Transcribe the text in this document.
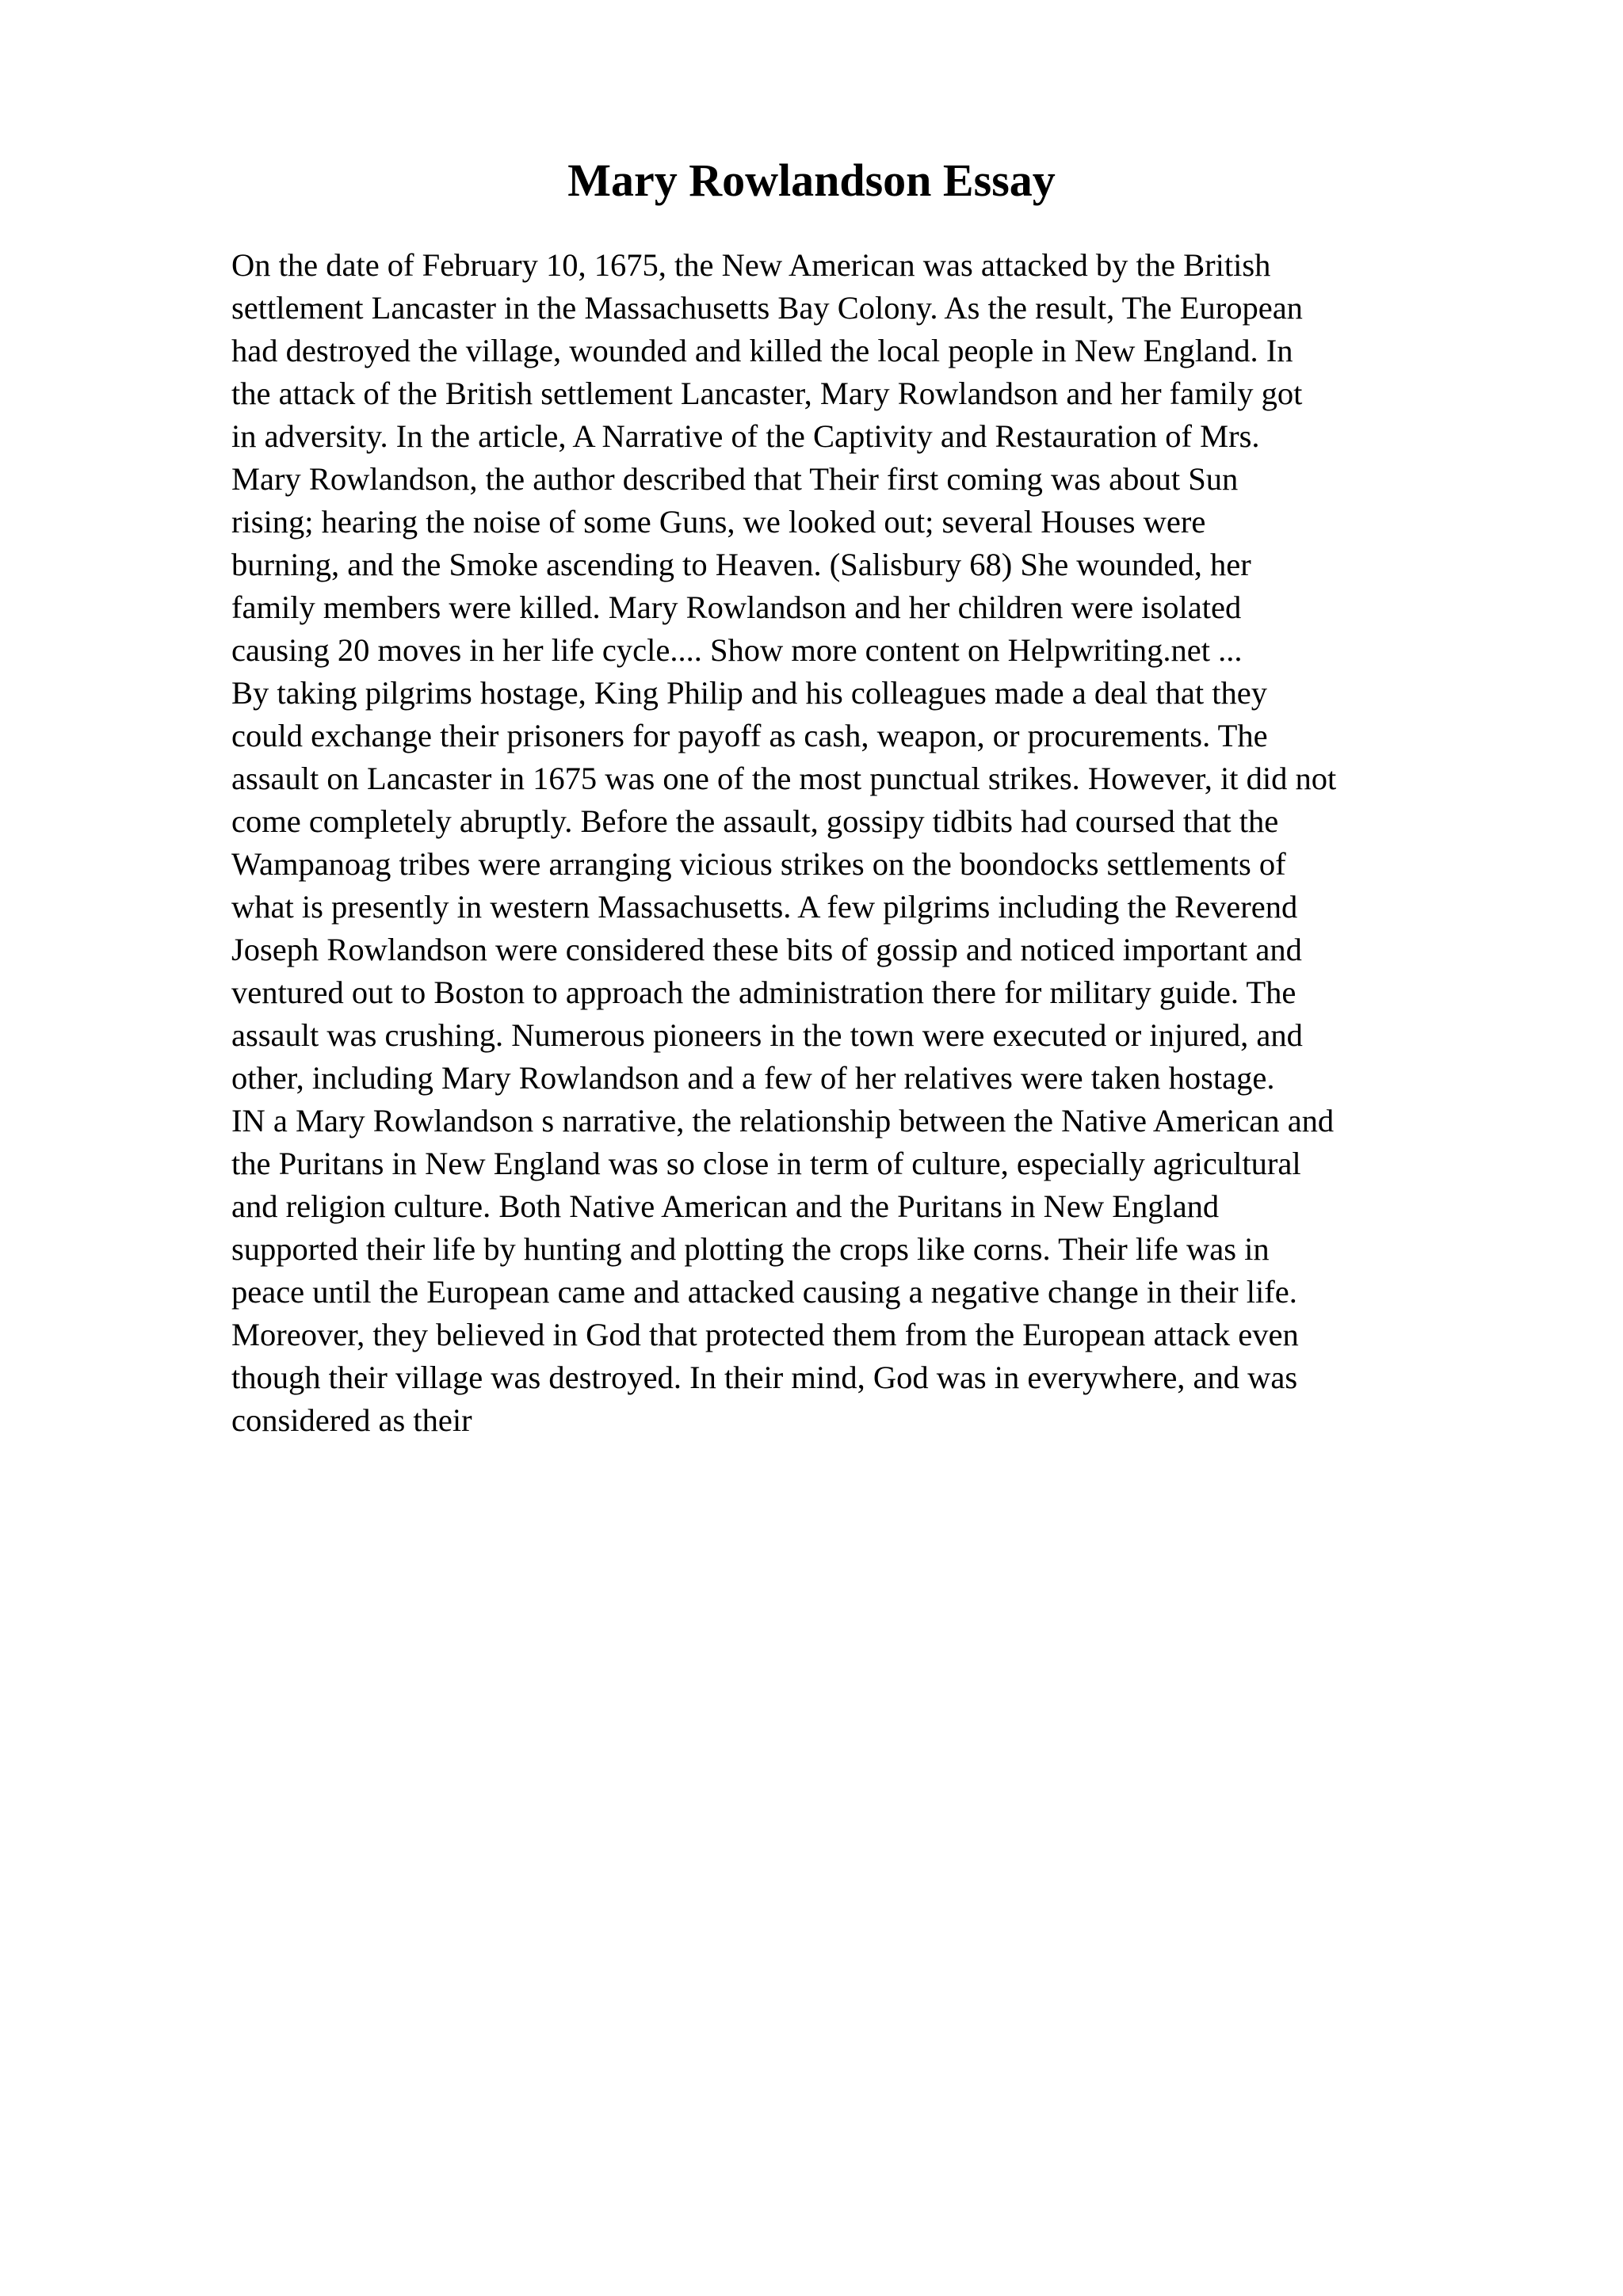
Mary Rowlandson Essay
On the date of February 10, 1675, the New American was attacked by the British
settlement Lancaster in the Massachusetts Bay Colony. As the result, The European
had destroyed the village, wounded and killed the local people in New England. In
the attack of the British settlement Lancaster, Mary Rowlandson and her family got
in adversity. In the article, A Narrative of the Captivity and Restauration of Mrs.
Mary Rowlandson, the author described that Their first coming was about Sun
rising; hearing the noise of some Guns, we looked out; several Houses were
burning, and the Smoke ascending to Heaven. (Salisbury 68) She wounded, her
family members were killed. Mary Rowlandson and her children were isolated
causing 20 moves in her life cycle.... Show more content on Helpwriting.net ...
By taking pilgrims hostage, King Philip and his colleagues made a deal that they
could exchange their prisoners for payoff as cash, weapon, or procurements. The
assault on Lancaster in 1675 was one of the most punctual strikes. However, it did not
come completely abruptly. Before the assault, gossipy tidbits had coursed that the
Wampanoag tribes were arranging vicious strikes on the boondocks settlements of
what is presently in western Massachusetts. A few pilgrims including the Reverend
Joseph Rowlandson were considered these bits of gossip and noticed important and
ventured out to Boston to approach the administration there for military guide. The
assault was crushing. Numerous pioneers in the town were executed or injured, and
other, including Mary Rowlandson and a few of her relatives were taken hostage.
IN a Mary Rowlandson s narrative, the relationship between the Native American and
the Puritans in New England was so close in term of culture, especially agricultural
and religion culture. Both Native American and the Puritans in New England
supported their life by hunting and plotting the crops like corns. Their life was in
peace until the European came and attacked causing a negative change in their life.
Moreover, they believed in God that protected them from the European attack even
though their village was destroyed. In their mind, God was in everywhere, and was
considered as their
